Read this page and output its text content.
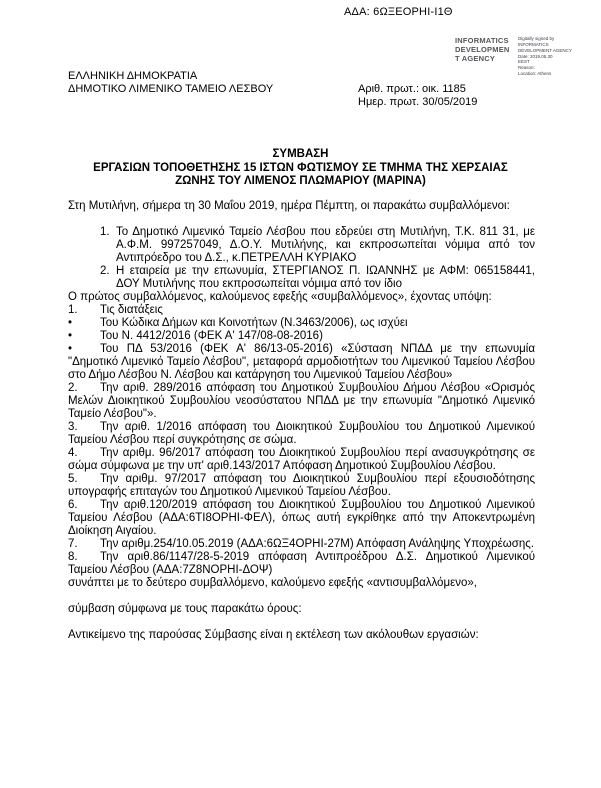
ΑΔΑ: 6ΩΞΕΟΡΗΙ-Ι1Θ
INFORMATICS
DEVELOPMEN
T AGENCY
Digitally signed by
INFORMATICS
DEVELOPMENT AGENCY
Date: 2019.05.30
EEST
Reason:
Location: Athens
ΕΛΛΗΝΙΚΗ ΔΗΜΟΚΡΑΤΙΑ
ΔΗΜΟΤΙΚΟ ΛΙΜΕΝΙΚΟ ΤΑΜΕΙΟ ΛΕΣΒΟΥ	Αριθ. πρωτ.: οικ. 1185
Ημερ. πρωτ. 30/05/2019
ΣΥΜΒΑΣΗ
ΕΡΓΑΣΙΩΝ ΤΟΠΟΘΕΤΗΣΗΣ 15 ΙΣΤΩΝ ΦΩΤΙΣΜΟΥ ΣΕ ΤΜΗΜΑ ΤΗΣ ΧΕΡΣΑΙΑΣ
ΖΩΝΗΣ ΤΟΥ ΛΙΜΕΝΟΣ ΠΛΩΜΑΡΙΟΥ (ΜΑΡΙΝΑ)

Στη Μυτιλήνη, σήμερα τη 30 Μαΐου 2019, ημέρα Πέμπτη, οι παρακάτω συμβαλλόμενοι:

1. Το Δημοτικό Λιμενικό Ταμείο Λέσβου που εδρεύει στη Μυτιλήνη, Τ.Κ. 811 31, με Α.Φ.Μ. 997257049, Δ.Ο.Υ. Μυτιλήνης, και εκπροσωπείται νόμιμα από τον Αντιπρόεδρο του Δ.Σ., κ.ΠΕΤΡΕΛΛΗ ΚΥΡΙΑΚΟ
2. Η εταιρεία με την επωνυμία, ΣΤΕΡΓΙΑΝΟΣ Π. ΙΩΑΝΝΗΣ με ΑΦΜ: 065158441, ΔΟΥ Μυτιλήνης που εκπροσωπείται νόμιμα από τον ίδιο

Ο πρώτος συμβαλλόμενος, καλούμενος εφεξής «συμβαλλόμενος», έχοντας υπόψη:

1. Τις διατάξεις
• Του Κώδικα Δήμων και Κοινοτήτων (Ν.3463/2006), ως ισχύει
• Του Ν. 4412/2016 (ΦΕΚ Α' 147/08-08-2016)
• Του ΠΔ 53/2016 (ΦΕΚ Α' 86/13-05-2016) «Σύσταση ΝΠΔΔ με την επωνυμία "Δημοτικό Λιμενικό Ταμείο Λέσβου", μεταφορά αρμοδιοτήτων του Λιμενικού Ταμείου Λέσβου στο Δήμο Λέσβου Ν. Λέσβου και κατάργηση του Λιμενικού Ταμείου Λέσβου»
2. Την αριθ. 289/2016 απόφαση του Δημοτικού Συμβουλίου Δήμου Λέσβου «Ορισμός Μελών Διοικητικού Συμβουλίου νεοσύστατου ΝΠΔΔ με την επωνυμία "Δημοτικό Λιμενικό Ταμείο Λέσβου"».
3. Την αριθ. 1/2016 απόφαση του Διοικητικού Συμβουλίου του Δημοτικού Λιμενικού Ταμείου Λέσβου περί συγκρότησης σε σώμα.
4. Την αριθμ. 96/2017 απόφαση του Διοικητικού Συμβουλίου περί ανασυγκρότησης σε σώμα σύμφωνα με την υπ' αριθ.143/2017 Απόφαση Δημοτικού Συμβουλίου Λέσβου.
5. Την αριθμ. 97/2017 απόφαση του Διοικητικού Συμβουλίου περί εξουσιοδότησης υπογραφής επιταγών του Δημοτικού Λιμενικού Ταμείου Λέσβου.
6. Την αριθ.120/2019 απόφαση του Διοικητικού Συμβουλίου του Δημοτικού Λιμενικού Ταμείου Λέσβου (ΑΔΑ:6ΤΙ8ΟΡΗΙ-ΦΕΛ), όπως αυτή εγκρίθηκε από την Αποκεντρωμένη Διοίκηση Αιγαίου.
7. Την αριθμ.254/10.05.2019 (ΑΔΑ:6ΩΞ4ΟΡΗΙ-27Μ) Απόφαση Ανάληψης Υποχρέωσης.
8. Την αριθ.86/1147/28-5-2019 απόφαση Αντιπροέδρου Δ.Σ. Δημοτικού Λιμενικού Ταμείου Λέσβου (ΑΔΑ:7Ζ8ΝΟΡΗΙ-ΔΟΨ)

συνάπτει με το δεύτερο συμβαλλόμενο, καλούμενο εφεξής «αντισυμβαλλόμενο»,

σύμβαση σύμφωνα με τους παρακάτω όρους:

Αντικείμενο της παρούσας Σύμβασης είναι η εκτέλεση των ακόλουθων εργασιών:
